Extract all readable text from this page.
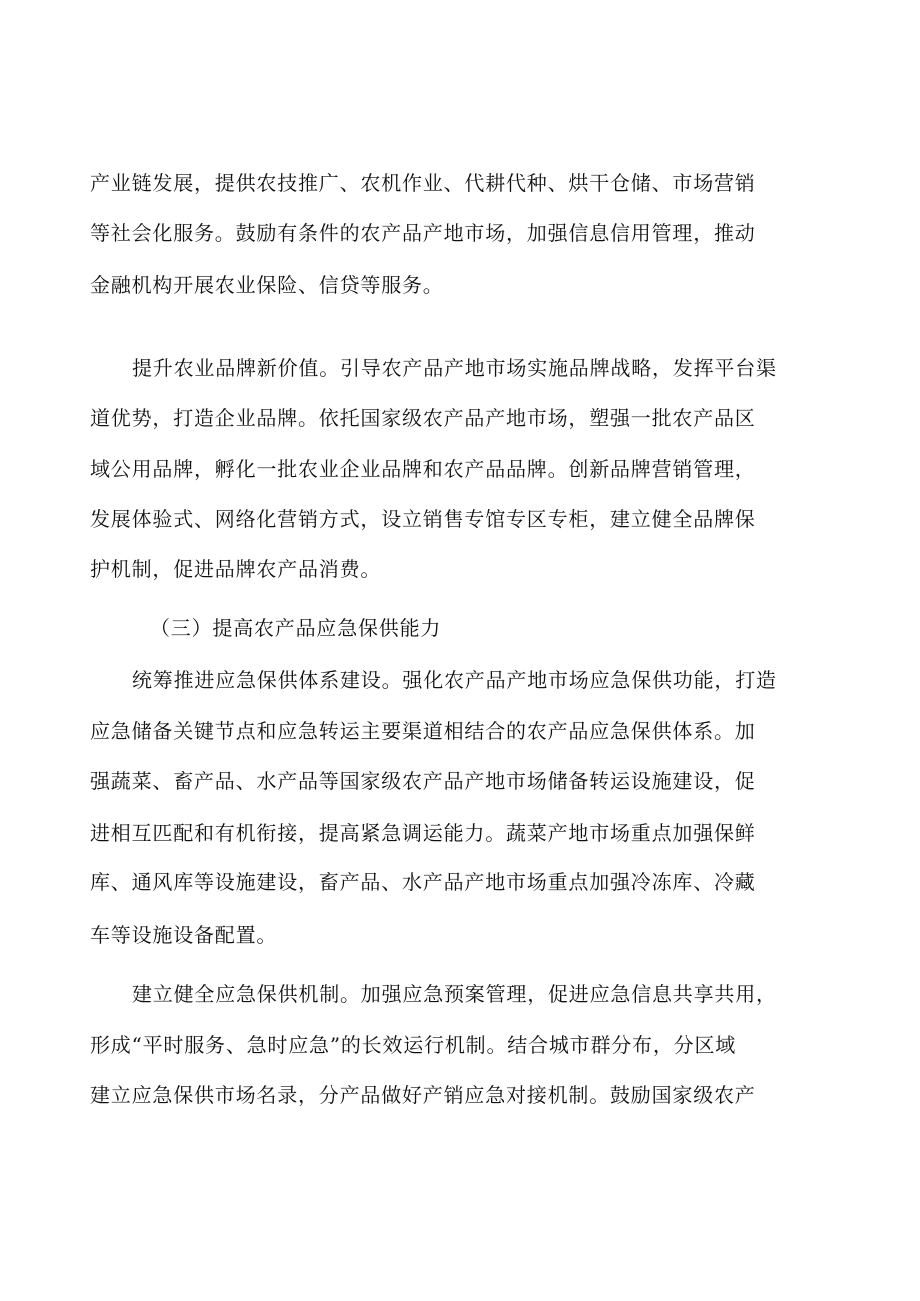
产业链发展，提供农技推广、农机作业、代耕代种、烘干仓储、市场营销
等社会化服务。鼓励有条件的农产品产地市场，加强信息信用管理，推动
金融机构开展农业保险、信贷等服务。
提升农业品牌新价值。引导农产品产地市场实施品牌战略，发挥平台渠
道优势，打造企业品牌。依托国家级农产品产地市场，塑强一批农产品区
域公用品牌，孵化一批农业企业品牌和农产品品牌。创新品牌营销管理，
发展体验式、网络化营销方式，设立销售专馆专区专柜，建立健全品牌保
护机制，促进品牌农产品消费。
（三）提高农产品应急保供能力
统筹推进应急保供体系建设。强化农产品产地市场应急保供功能，打造
应急储备关键节点和应急转运主要渠道相结合的农产品应急保供体系。加
强蔬菜、畜产品、水产品等国家级农产品产地市场储备转运设施建设，促
进相互匹配和有机衔接，提高紧急调运能力。蔬菜产地市场重点加强保鲜
库、通风库等设施建设，畜产品、水产品产地市场重点加强冷冻库、冷藏
车等设施设备配置。
建立健全应急保供机制。加强应急预案管理，促进应急信息共享共用，
形成“平时服务、急时应急”的长效运行机制。结合城市群分布，分区域
建立应急保供市场名录，分产品做好产销应急对接机制。鼓励国家级农产
